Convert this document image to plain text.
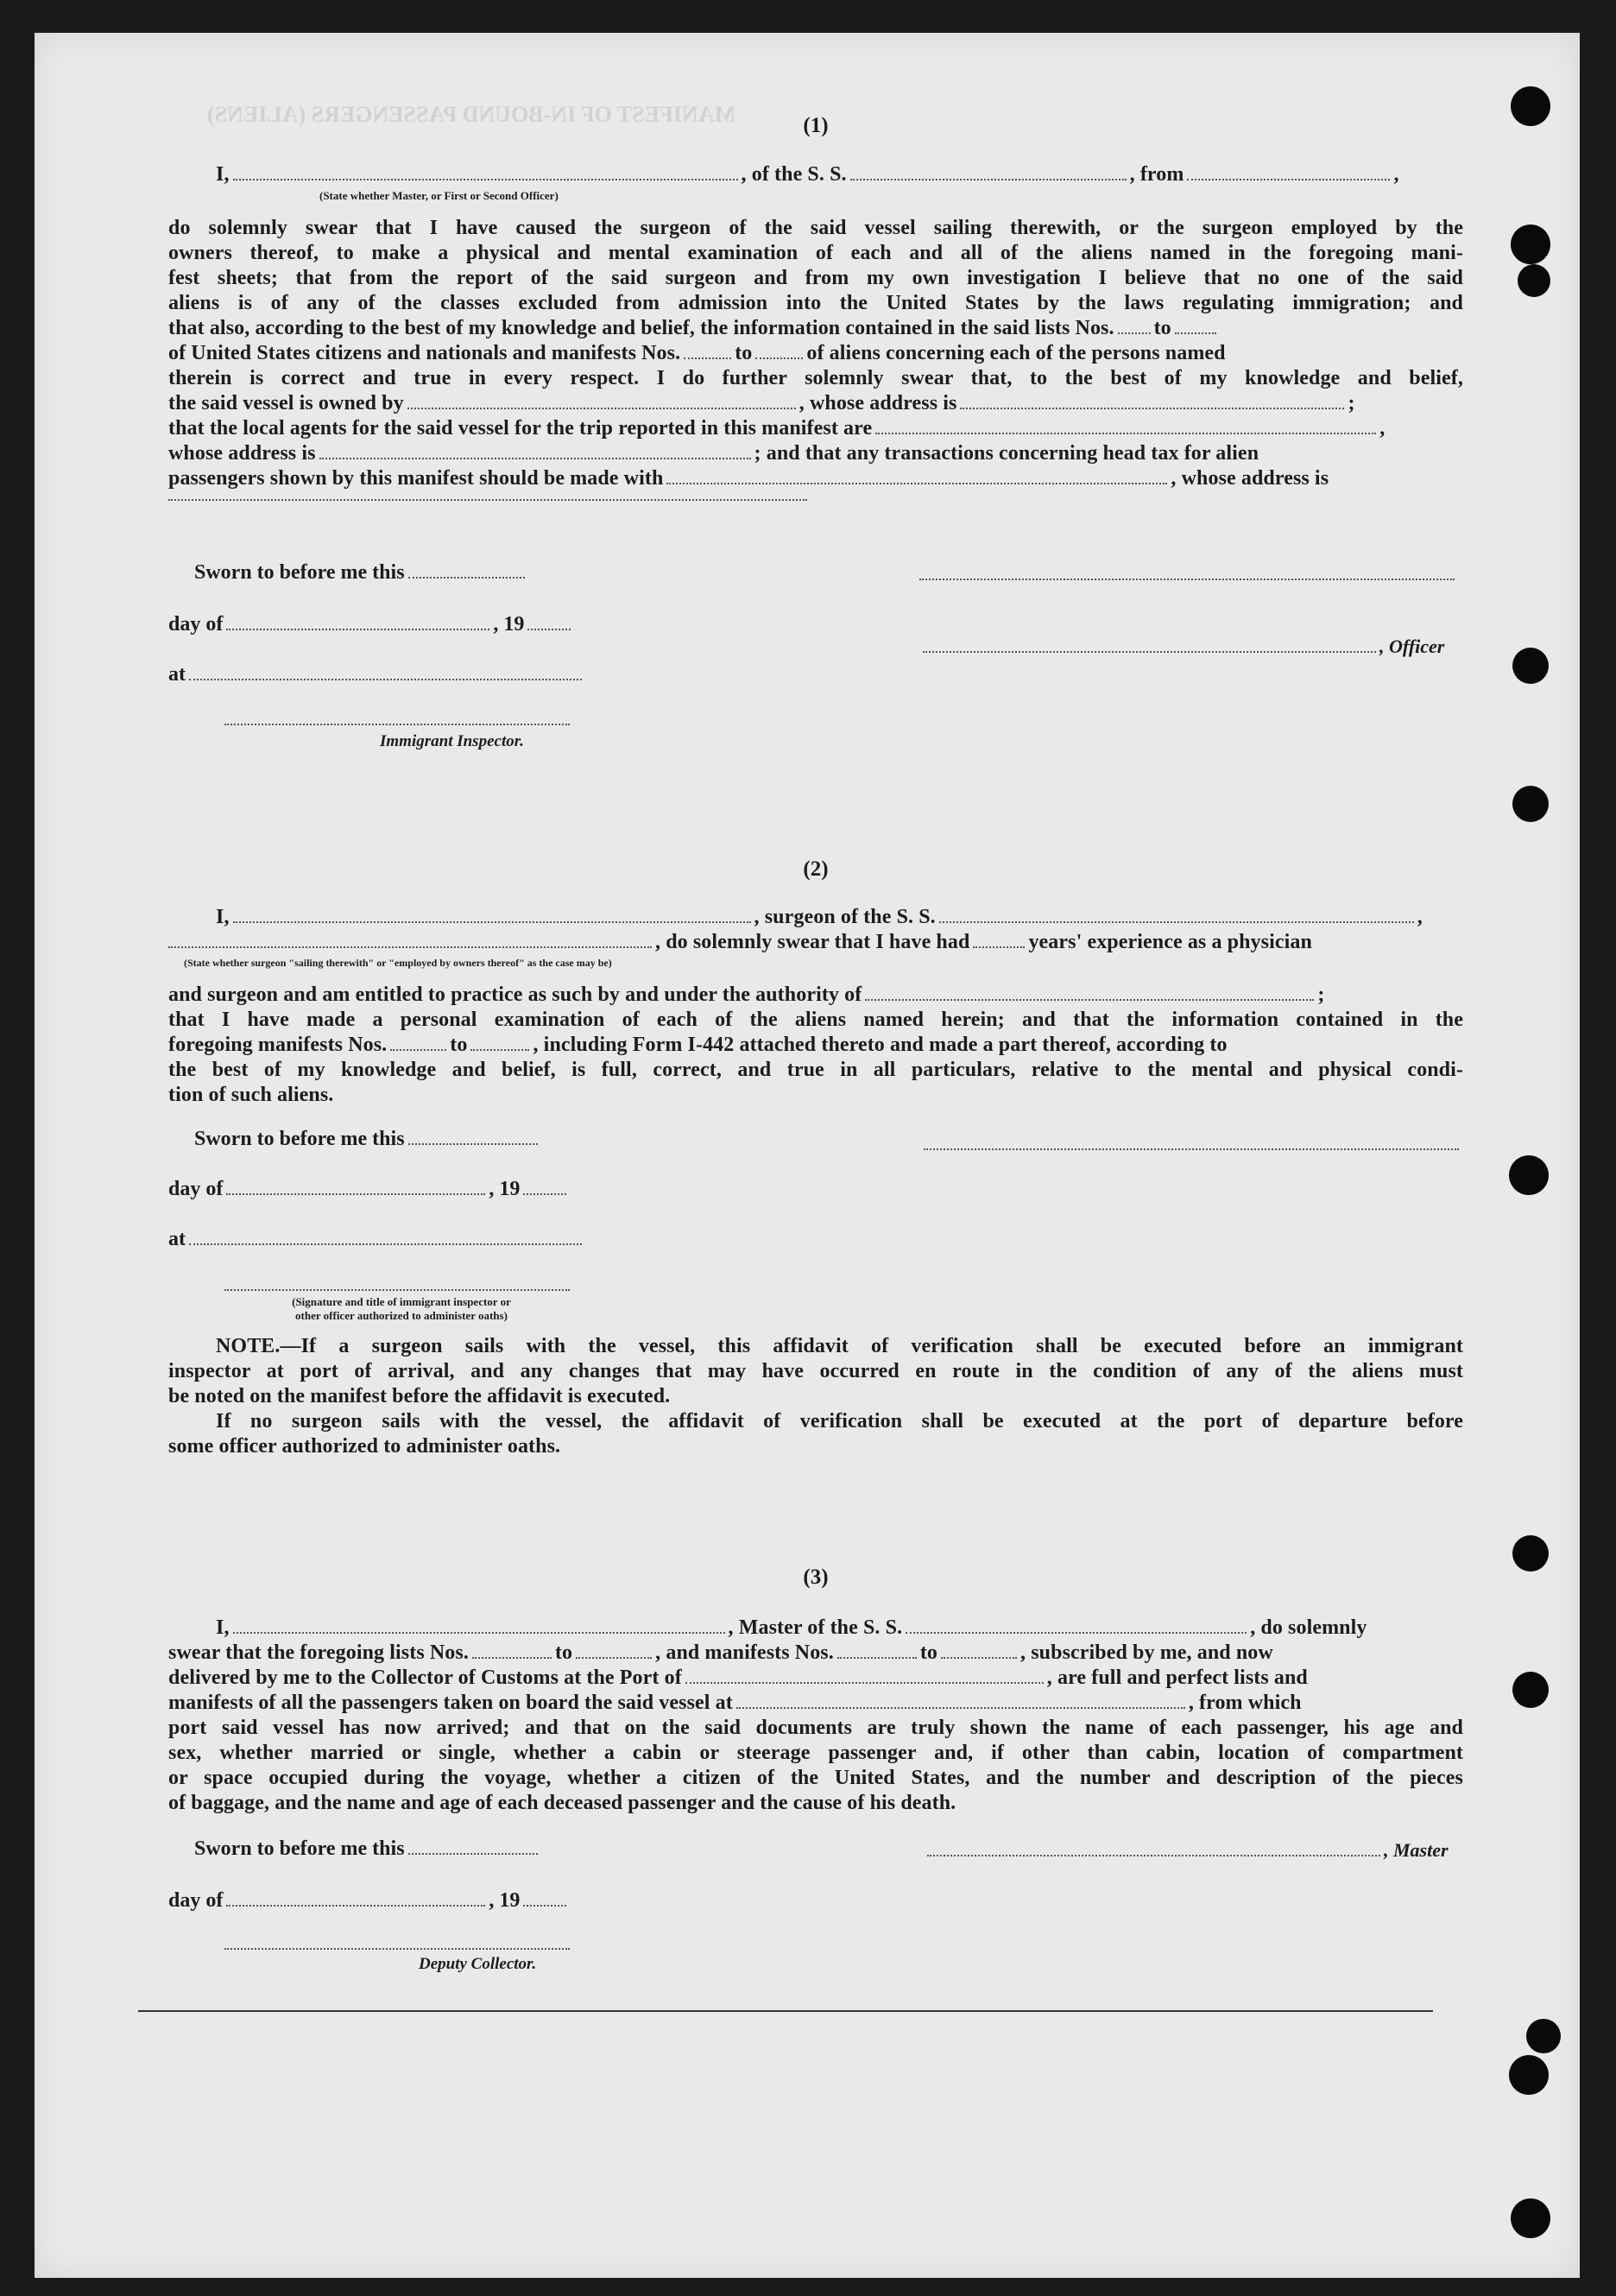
MANIFEST OF IN-BOUND PASSENGERS (ALIENS)	(1)
I,	, of the S. S.	, from	,
(State whether Master, or First or Second Officer)
do solemnly swear that I have caused the surgeon of the said vessel sailing therewith, or the surgeon employed by the
owners thereof, to make a physical and mental examination of each and all of the aliens named in the foregoing mani-
fest sheets; that from the report of the said surgeon and from my own investigation I believe that no one of the said
aliens is of any of the classes excluded from admission into the United States by the laws regulating immigration; and
that also, according to the best of my knowledge and belief, the information contained in the said lists Nos. to
of United States citizens and nationals and manifests Nos.	to	of aliens concerning each of the persons named
therein is correct and true in every respect. I do further solemnly swear that, to the best of my knowledge and belief,
the said vessel is owned by	, whose address is	;
that the local agents for the said vessel for the trip reported in this manifest are	,
whose address is	; and that any transactions concerning head tax for alien
passengers shown by this manifest should be made with	, whose address is
Sworn to before me this
day of	, 19
at
Immigrant Inspector.
, Officer
(2)
I,	, surgeon of the S. S.	,
, do solemnly swear that I have had	years' experience as a physician
(State whether surgeon "sailing therewith" or "employed by owners thereof" as the case may be)
and surgeon and am entitled to practice as such by and under the authority of	;
that I have made a personal examination of each of the aliens named herein; and that the information contained in the
foregoing manifests Nos.	to	, including Form I-442 attached thereto and made a part thereof, according to
the best of my knowledge and belief, is full, correct, and true in all particulars, relative to the mental and physical condi-
tion of such aliens.
Sworn to before me this
day of	, 19
at
(Signature and title of immigrant inspector or
other officer authorized to administer oaths)
NOTE.—If a surgeon sails with the vessel, this affidavit of verification shall be executed before an immigrant
inspector at port of arrival, and any changes that may have occurred en route in the condition of any of the aliens must
be noted on the manifest before the affidavit is executed.
If no surgeon sails with the vessel, the affidavit of verification shall be executed at the port of departure before
some officer authorized to administer oaths.
(3)
I,	, Master of the S. S.	, do solemnly
swear that the foregoing lists Nos.	to	, and manifests Nos.	to	, subscribed by me, and now
delivered by me to the Collector of Customs at the Port of	, are full and perfect lists and
manifests of all the passengers taken on board the said vessel at	, from which
port said vessel has now arrived; and that on the said documents are truly shown the name of each passenger, his age and
sex, whether married or single, whether a cabin or steerage passenger and, if other than cabin, location of compartment
or space occupied during the voyage, whether a citizen of the United States, and the number and description of the pieces
of baggage, and the name and age of each deceased passenger and the cause of his death.
Sworn to before me this	, Master
day of	, 19
Deputy Collector.
